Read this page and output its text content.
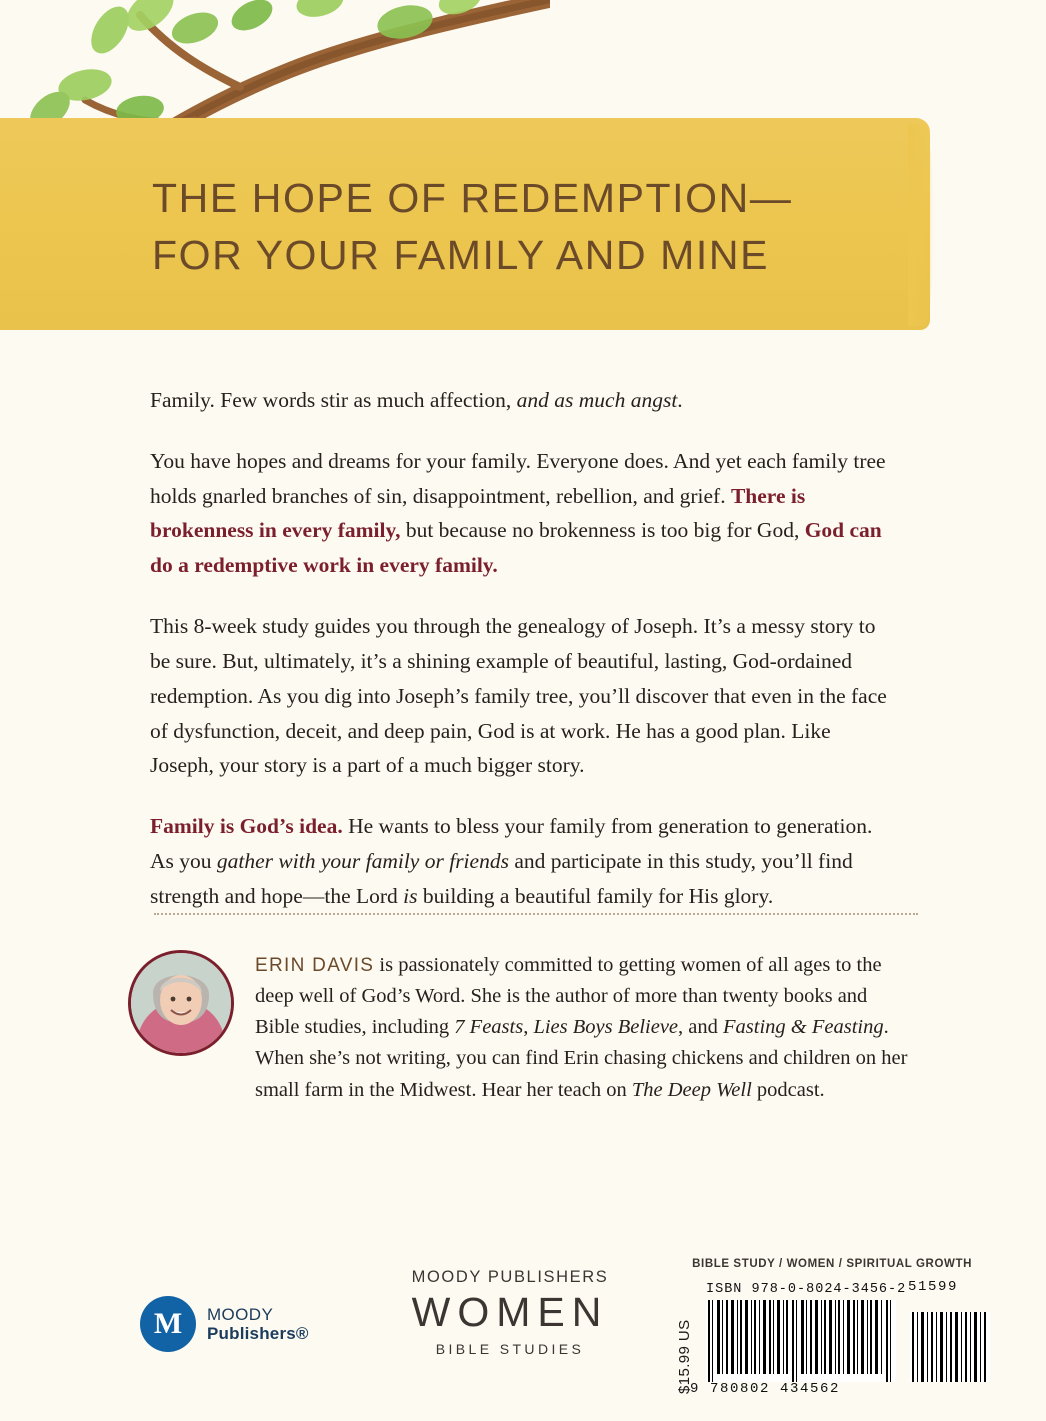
THE HOPE OF REDEMPTION—
FOR YOUR FAMILY AND MINE

Family. Few words stir as much affection, and as much angst.

You have hopes and dreams for your family. Everyone does. And yet each family tree holds gnarled branches of sin, disappointment, rebellion, and grief. There is brokenness in every family, but because no brokenness is too big for God, God can do a redemptive work in every family.

This 8-week study guides you through the genealogy of Joseph. It’s a messy story to be sure. But, ultimately, it’s a shining example of beautiful, lasting, God-ordained redemption. As you dig into Joseph’s family tree, you’ll discover that even in the face of dysfunction, deceit, and deep pain, God is at work. He has a good plan. Like Joseph, your story is a part of a much bigger story.

Family is God’s idea. He wants to bless your family from generation to generation. As you gather with your family or friends and participate in this study, you’ll find strength and hope—the Lord is building a beautiful family for His glory.

ERIN DAVIS is passionately committed to getting women of all ages to the deep well of God’s Word. She is the author of more than twenty books and Bible studies, including 7 Feasts, Lies Boys Believe, and Fasting & Feasting. When she’s not writing, you can find Erin chasing chickens and children on her small farm in the Midwest. Hear her teach on The Deep Well podcast.
BIBLE STUDY / WOMEN / SPIRITUAL GROWTH
M	MOODY
Publishers®
MOODY PUBLISHERS
WOMEN
BIBLE STUDIES	$15.99 US
ISBN 978-0-8024-3456-2
9 780802 434562
51599
